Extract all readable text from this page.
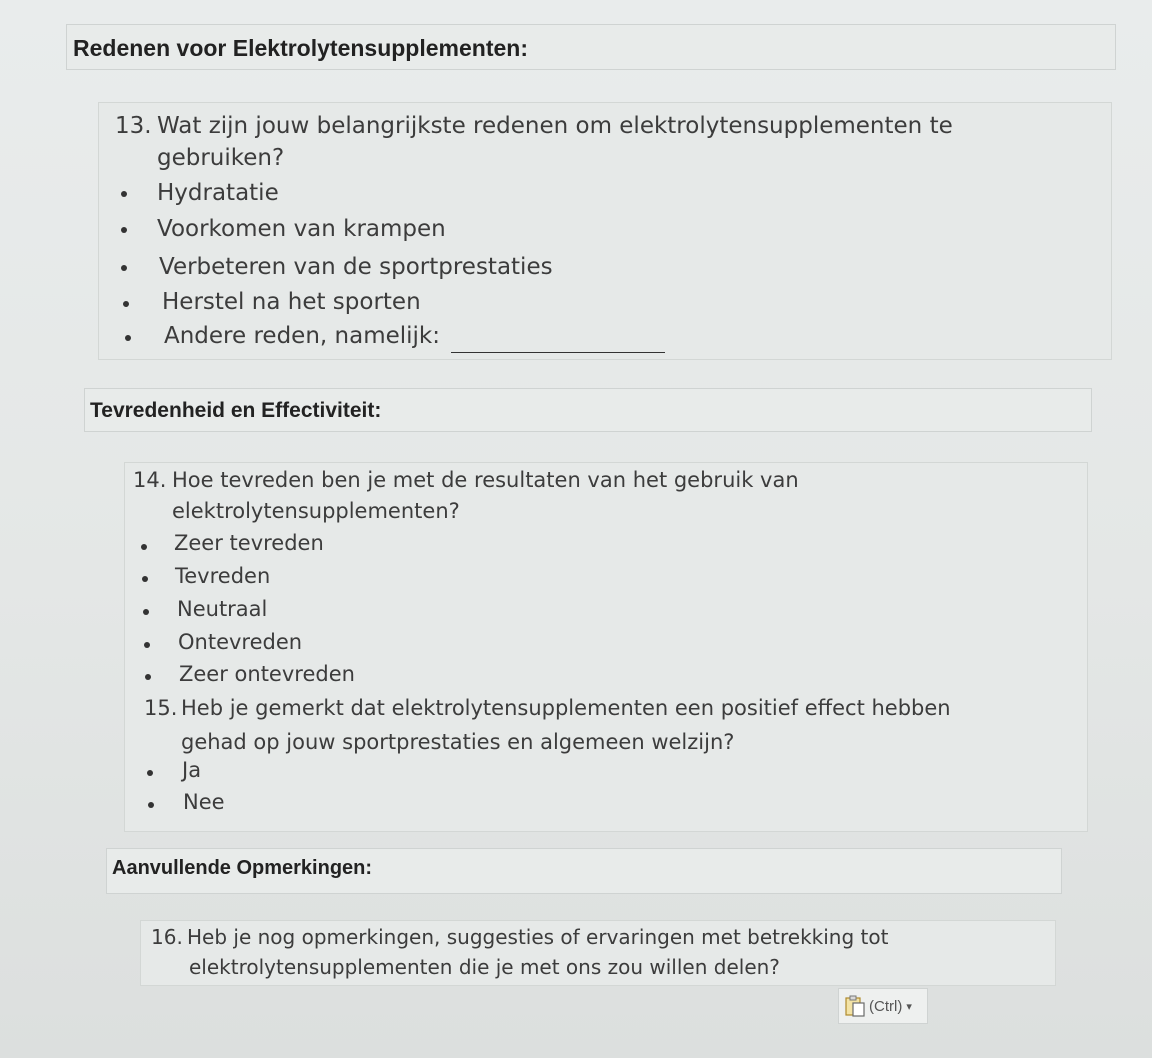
Redenen voor Elektrolytensupplementen:
13. Wat zijn jouw belangrijkste redenen om elektrolytensupplementen te
gebruiken?
Hydratatie
Voorkomen van krampen
Verbeteren van de sportprestaties
Herstel na het sporten
Andere reden, namelijk:
Tevredenheid en Effectiviteit:
14. Hoe tevreden ben je met de resultaten van het gebruik van
elektrolytensupplementen?
Zeer tevreden
Tevreden
Neutraal
Ontevreden
Zeer ontevreden
15. Heb je gemerkt dat elektrolytensupplementen een positief effect hebben
gehad op jouw sportprestaties en algemeen welzijn?
Ja
Nee
Aanvullende Opmerkingen:
16. Heb je nog opmerkingen, suggesties of ervaringen met betrekking tot
elektrolytensupplementen die je met ons zou willen delen?
(Ctrl) ▾
